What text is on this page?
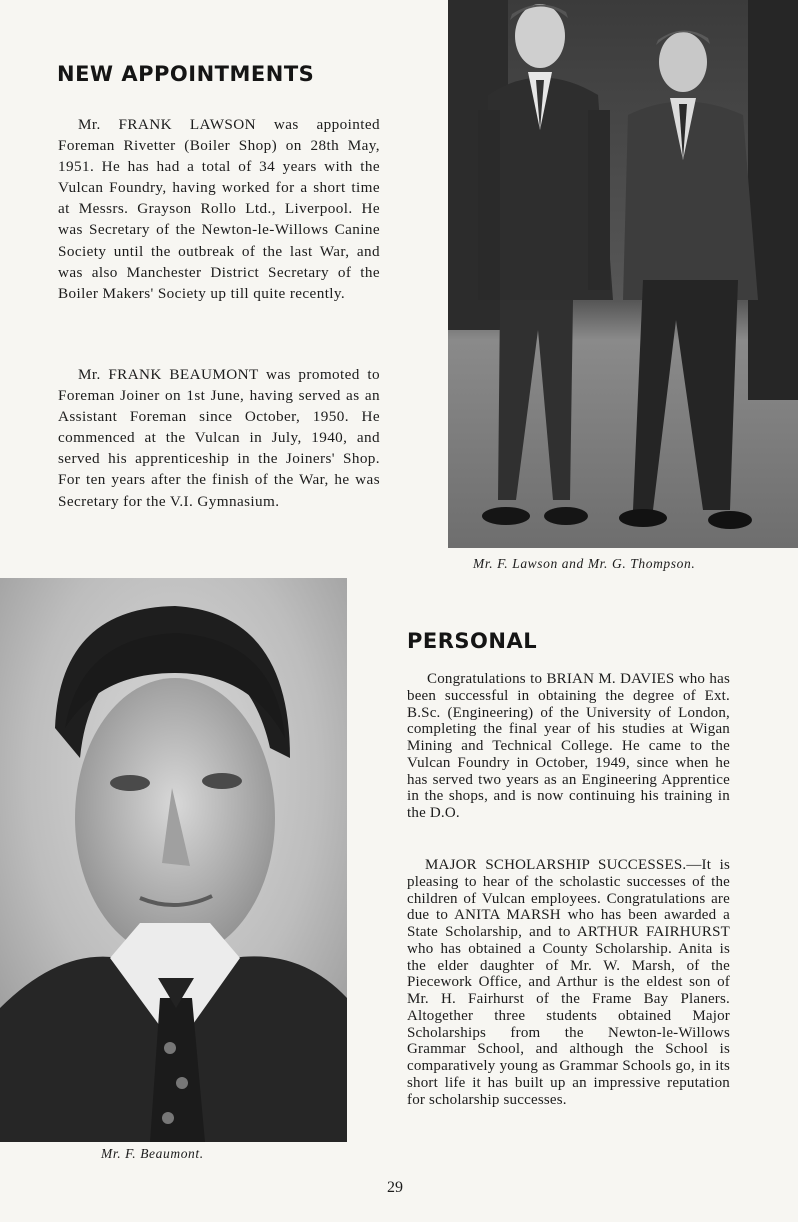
NEW APPOINTMENTS

Mr. FRANK LAWSON was appointed Foreman Rivetter (Boiler Shop) on 28th May, 1951. He has had a total of 34 years with the Vulcan Foundry, having worked for a short time at Messrs. Grayson Rollo Ltd., Liverpool. He was Secretary of the Newton-le-Willows Canine Society until the outbreak of the last War, and was also Manchester District Secretary of the Boiler Makers' Society up till quite recently.

Mr. FRANK BEAUMONT was promoted to Foreman Joiner on 1st June, having served as an Assistant Foreman since October, 1950. He commenced at the Vulcan in July, 1940, and served his apprenticeship in the Joiners' Shop. For ten years after the finish of the War, he was Secretary for the V.I. Gymnasium.

Mr. F. Lawson and Mr. G. Thompson.

Mr. F. Beaumont.

PERSONAL

Congratulations to BRIAN M. DAVIES who has been successful in obtaining the degree of Ext. B.Sc. (Engineering) of the University of London, completing the final year of his studies at Wigan Mining and Technical College. He came to the Vulcan Foundry in October, 1949, since when he has served two years as an Engineering Apprentice in the shops, and is now continuing his training in the D.O.

MAJOR SCHOLARSHIP SUCCESSES.—It is pleasing to hear of the scholastic successes of the children of Vulcan employees. Congratulations are due to ANITA MARSH who has been awarded a State Scholarship, and to ARTHUR FAIRHURST who has obtained a County Scholarship. Anita is the elder daughter of Mr. W. Marsh, of the Piecework Office, and Arthur is the eldest son of Mr. H. Fairhurst of the Frame Bay Planers. Altogether three students obtained Major Scholarships from the Newton-le-Willows Grammar School, and although the School is comparatively young as Grammar Schools go, in its short life it has built up an impressive reputation for scholarship successes.

29
